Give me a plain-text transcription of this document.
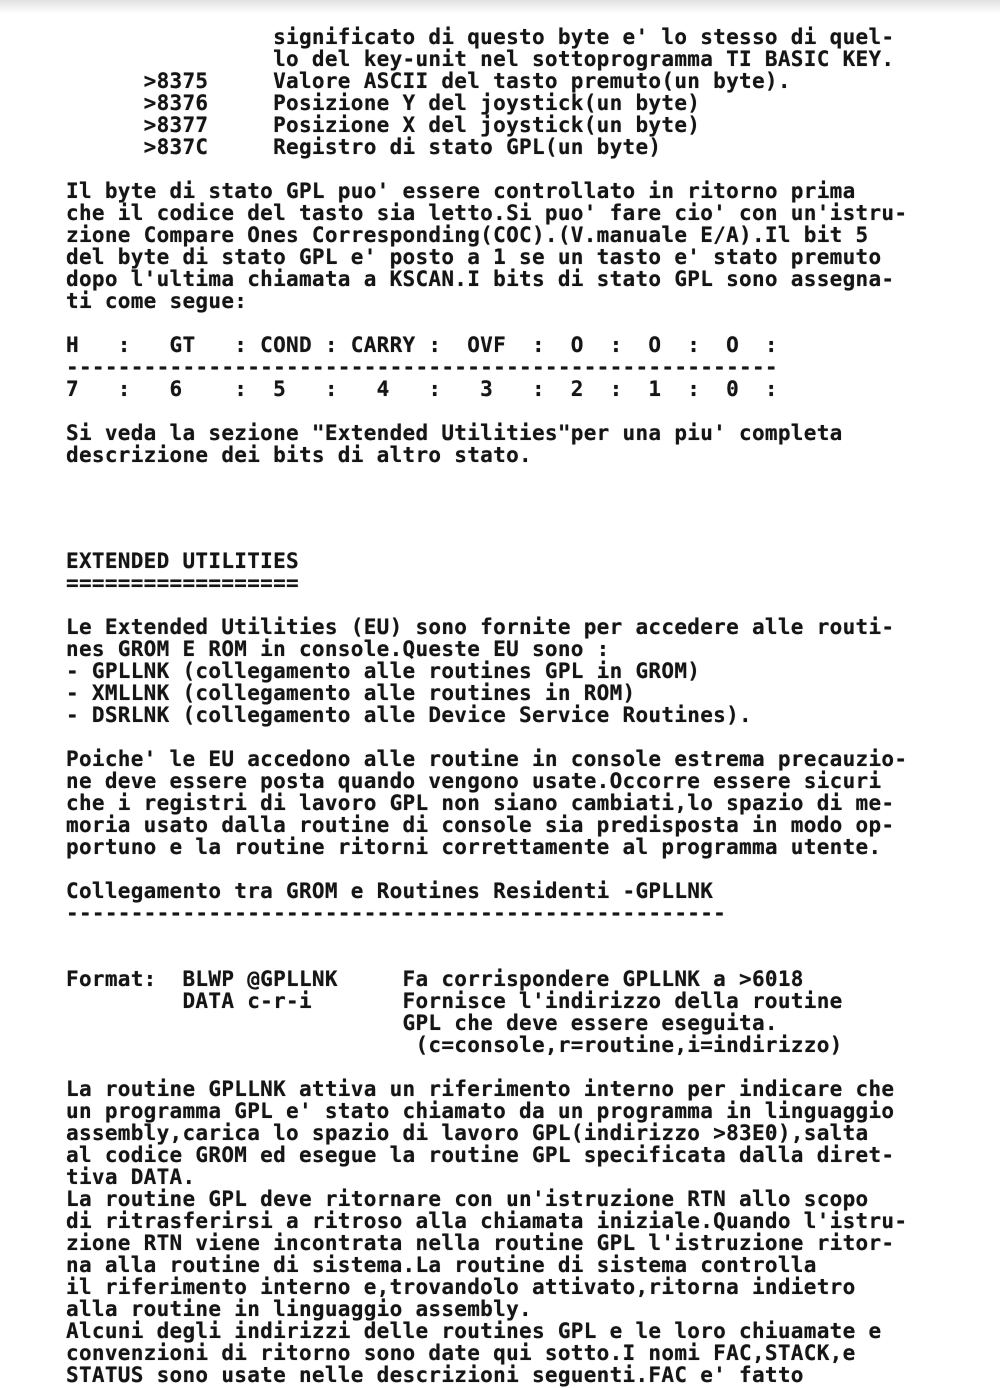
significato di questo byte e' lo stesso di quel-
lo del key-unit nel sottoprogramma TI BASIC KEY.
>8375     Valore ASCII del tasto premuto(un byte).
>8376     Posizione Y del joystick(un byte)
>8377     Posizione X del joystick(un byte)
>837C     Registro di stato GPL(un byte)
Il byte di stato GPL puo' essere controllato in ritorno prima
che il codice del tasto sia letto.Si puo' fare cio' con un'istru-
zione Compare Ones Corresponding(COC).(V.manuale E/A).Il bit 5
del byte di stato GPL e' posto a 1 se un tasto e' stato premuto
dopo l'ultima chiamata a KSCAN.I bits di stato GPL sono assegna-
ti come segue:
H   :   GT   : COND : CARRY :  OVF  :  O  :  O  :  O  :
-------------------------------------------------------
7   :   6    :  5   :   4   :   3   :  2  :  1  :  0  :
Si veda la sezione "Extended Utilities"per una piu' completa
descrizione dei bits di altro stato.
EXTENDED UTILITIES
==================
Le Extended Utilities (EU) sono fornite per accedere alle routi-
nes GROM E ROM in console.Queste EU sono :
- GPLLNK (collegamento alle routines GPL in GROM)
- XMLLNK (collegamento alle routines in ROM)
- DSRLNK (collegamento alle Device Service Routines).
Poiche' le EU accedono alle routine in console estrema precauzio-
ne deve essere posta quando vengono usate.Occorre essere sicuri
che i registri di lavoro GPL non siano cambiati,lo spazio di me-
moria usato dalla routine di console sia predisposta in modo op-
portuno e la routine ritorni correttamente al programma utente.
Collegamento tra GROM e Routines Residenti -GPLLNK
---------------------------------------------------
Format:  BLWP @GPLLNK     Fa corrispondere GPLLNK a >6018
DATA c-r-i       Fornisce l'indirizzo della routine
GPL che deve essere eseguita.
(c=console,r=routine,i=indirizzo)
La routine GPLLNK attiva un riferimento interno per indicare che
un programma GPL e' stato chiamato da un programma in linguaggio
assembly,carica lo spazio di lavoro GPL(indirizzo >83E0),salta
al codice GROM ed esegue la routine GPL specificata dalla diret-
tiva DATA.
La routine GPL deve ritornare con un'istruzione RTN allo scopo
di ritrasferirsi a ritroso alla chiamata iniziale.Quando l'istru-
zione RTN viene incontrata nella routine GPL l'istruzione ritor-
na alla routine di sistema.La routine di sistema controlla
il riferimento interno e,trovandolo attivato,ritorna indietro
alla routine in linguaggio assembly.
Alcuni degli indirizzi delle routines GPL e le loro chiuamate e
convenzioni di ritorno sono date qui sotto.I nomi FAC,STACK,e
STATUS sono usate nelle descrizioni seguenti.FAC e' fatto
